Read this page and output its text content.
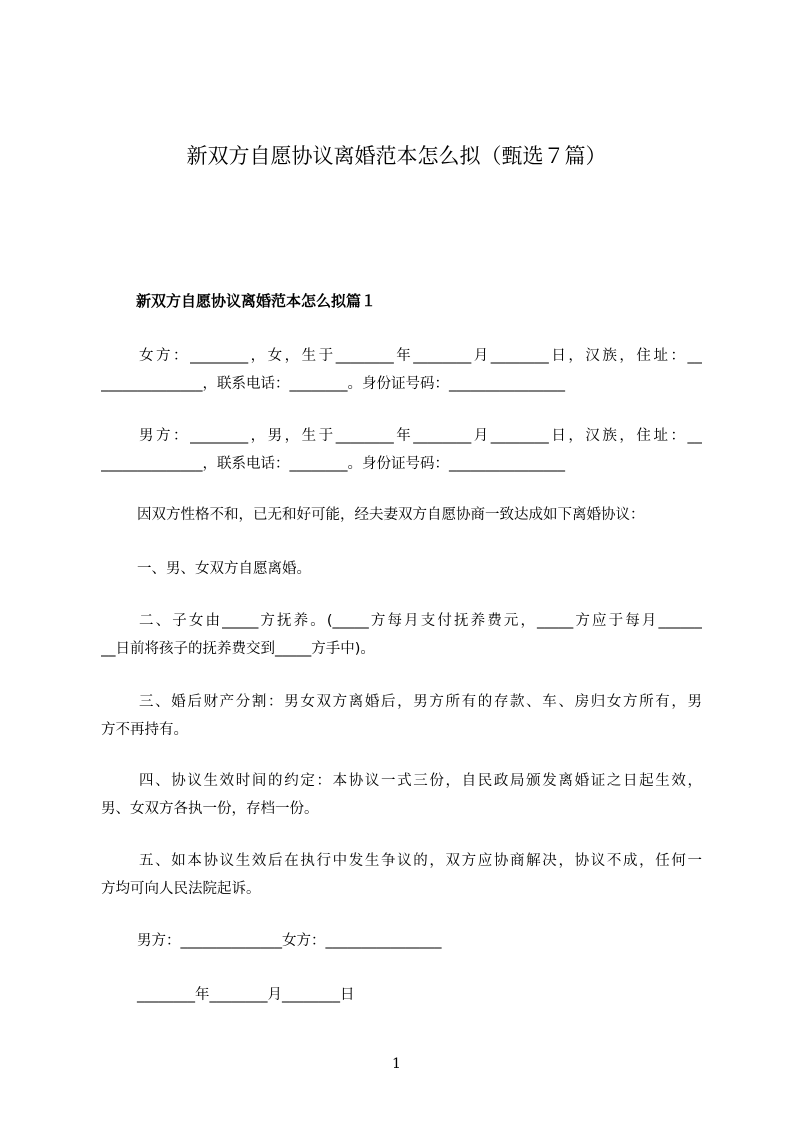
新双方自愿协议离婚范本怎么拟（甄选７篇）
新双方自愿协议离婚范本怎么拟篇１
女方：________，女，生于________年________月________日，汉族，住址：__
______________，联系电话：________。身份证号码：________________
男方：________，男，生于________年________月________日，汉族，住址：__
______________，联系电话：________。身份证号码：________________
因双方性格不和，已无和好可能，经夫妻双方自愿协商一致达成如下离婚协议：
一、男、女双方自愿离婚。
二、子女由_____方抚养。(_____方每月支付抚养费元，_____方应于每月______
__日前将孩子的抚养费交到_____方手中)。
三、婚后财产分割：男女双方离婚后，男方所有的存款、车、房归女方所有，男
方不再持有。
四、协议生效时间的约定：本协议一式三份，自民政局颁发离婚证之日起生效，
男、女双方各执一份，存档一份。
五、如本协议生效后在执行中发生争议的，双方应协商解决，协议不成，任何一
方均可向人民法院起诉。
男方：______________女方：________________
________年________月________日
1
